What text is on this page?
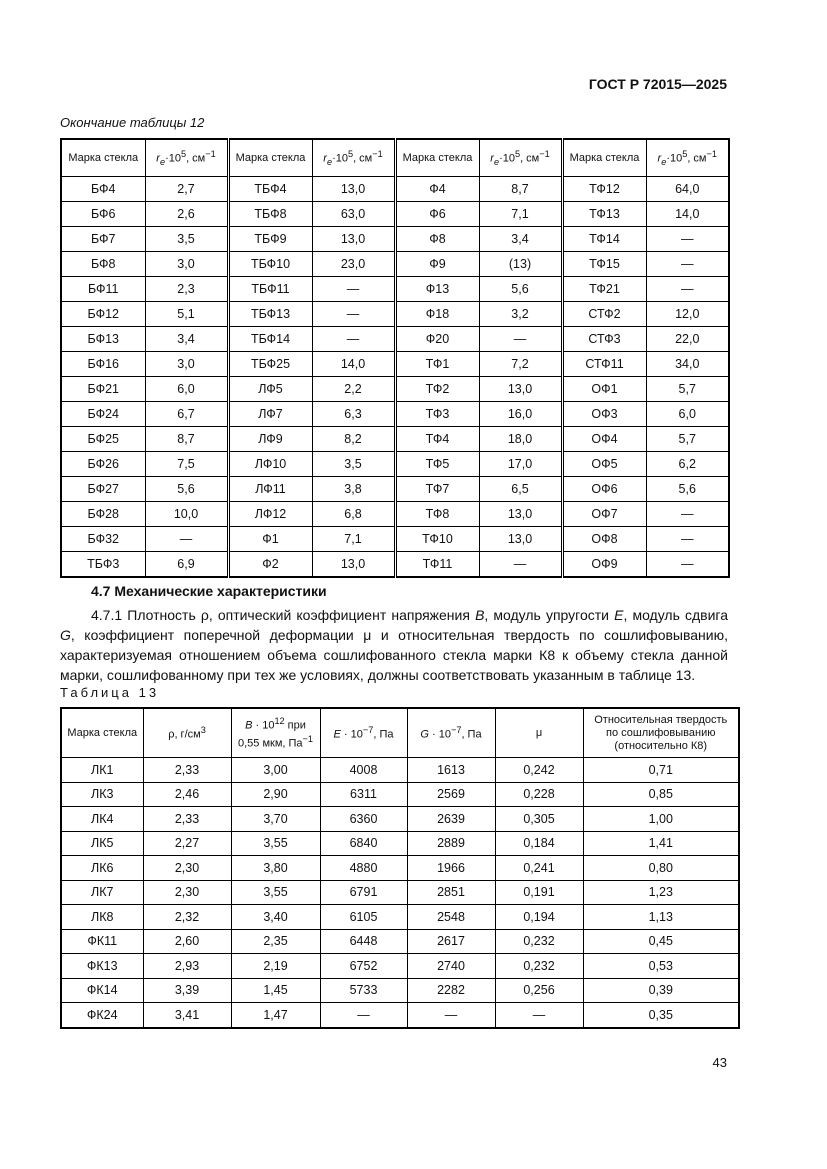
ГОСТ Р 72015—2025
Окончание таблицы 12
Марка стекла	$r_e\cdot 10^5$, $см^{-1}$	Марка стекла	$r_e\cdot 10^5$, $см^{-1}$	Марка стекла	$r_e\cdot 10^5$, $см^{-1}$	Марка стекла	$r_e\cdot 10^5$, $см^{-1}$
БФ4	2,7	ТБФ4	13,0	Ф4	8,7	ТФ12	64,0
БФ6	2,6	ТБФ8	63,0	Ф6	7,1	ТФ13	14,0
БФ7	3,5	ТБФ9	13,0	Ф8	3,4	ТФ14	—
БФ8	3,0	ТБФ10	23,0	Ф9	(13)	ТФ15	—
БФ11	2,3	ТБФ11	—	Ф13	5,6	ТФ21	—
БФ12	5,1	ТБФ13	—	Ф18	3,2	СТФ2	12,0
БФ13	3,4	ТБФ14	—	Ф20	—	СТФ3	22,0
БФ16	3,0	ТБФ25	14,0	ТФ1	7,2	СТФ11	34,0
БФ21	6,0	ЛФ5	2,2	ТФ2	13,0	ОФ1	5,7
БФ24	6,7	ЛФ7	6,3	ТФ3	16,0	ОФ3	6,0
БФ25	8,7	ЛФ9	8,2	ТФ4	18,0	ОФ4	5,7
БФ26	7,5	ЛФ10	3,5	ТФ5	17,0	ОФ5	6,2
БФ27	5,6	ЛФ11	3,8	ТФ7	6,5	ОФ6	5,6
БФ28	10,0	ЛФ12	6,8	ТФ8	13,0	ОФ7	—
БФ32	—	Ф1	7,1	ТФ10	13,0	ОФ8	—
ТБФ3	6,9	Ф2	13,0	ТФ11	—	ОФ9	—
4.7 Механические характеристики
4.7.1 Плотность ρ, оптический коэффициент напряжения B, модуль упругости E, модуль сдвига G, коэффициент поперечной деформации μ и относительная твердость по сошлифовыванию, характеризуемая отношением объема сошлифованного стекла марки К8 к объему стекла данной марки, сошлифованному при тех же условиях, должны соответствовать указанным в таблице 13.
Таблица 13
Марка стекла	ρ, $г/см^3$	$B \cdot 10^{12}$ при
0,55 мкм, $Па^{-1}$	$E \cdot 10^{-7}$, Па	$G \cdot 10^{-7}$, Па	μ	Относительная твердость по сошлифовыванию (относительно К8)
ЛК1	2,33	3,00	4008	1613	0,242	0,71
ЛК3	2,46	2,90	6311	2569	0,228	0,85
ЛК4	2,33	3,70	6360	2639	0,305	1,00
ЛК5	2,27	3,55	6840	2889	0,184	1,41
ЛК6	2,30	3,80	4880	1966	0,241	0,80
ЛК7	2,30	3,55	6791	2851	0,191	1,23
ЛК8	2,32	3,40	6105	2548	0,194	1,13
ФК11	2,60	2,35	6448	2617	0,232	0,45
ФК13	2,93	2,19	6752	2740	0,232	0,53
ФК14	3,39	1,45	5733	2282	0,256	0,39
ФК24	3,41	1,47	—	—	—	0,35
43
